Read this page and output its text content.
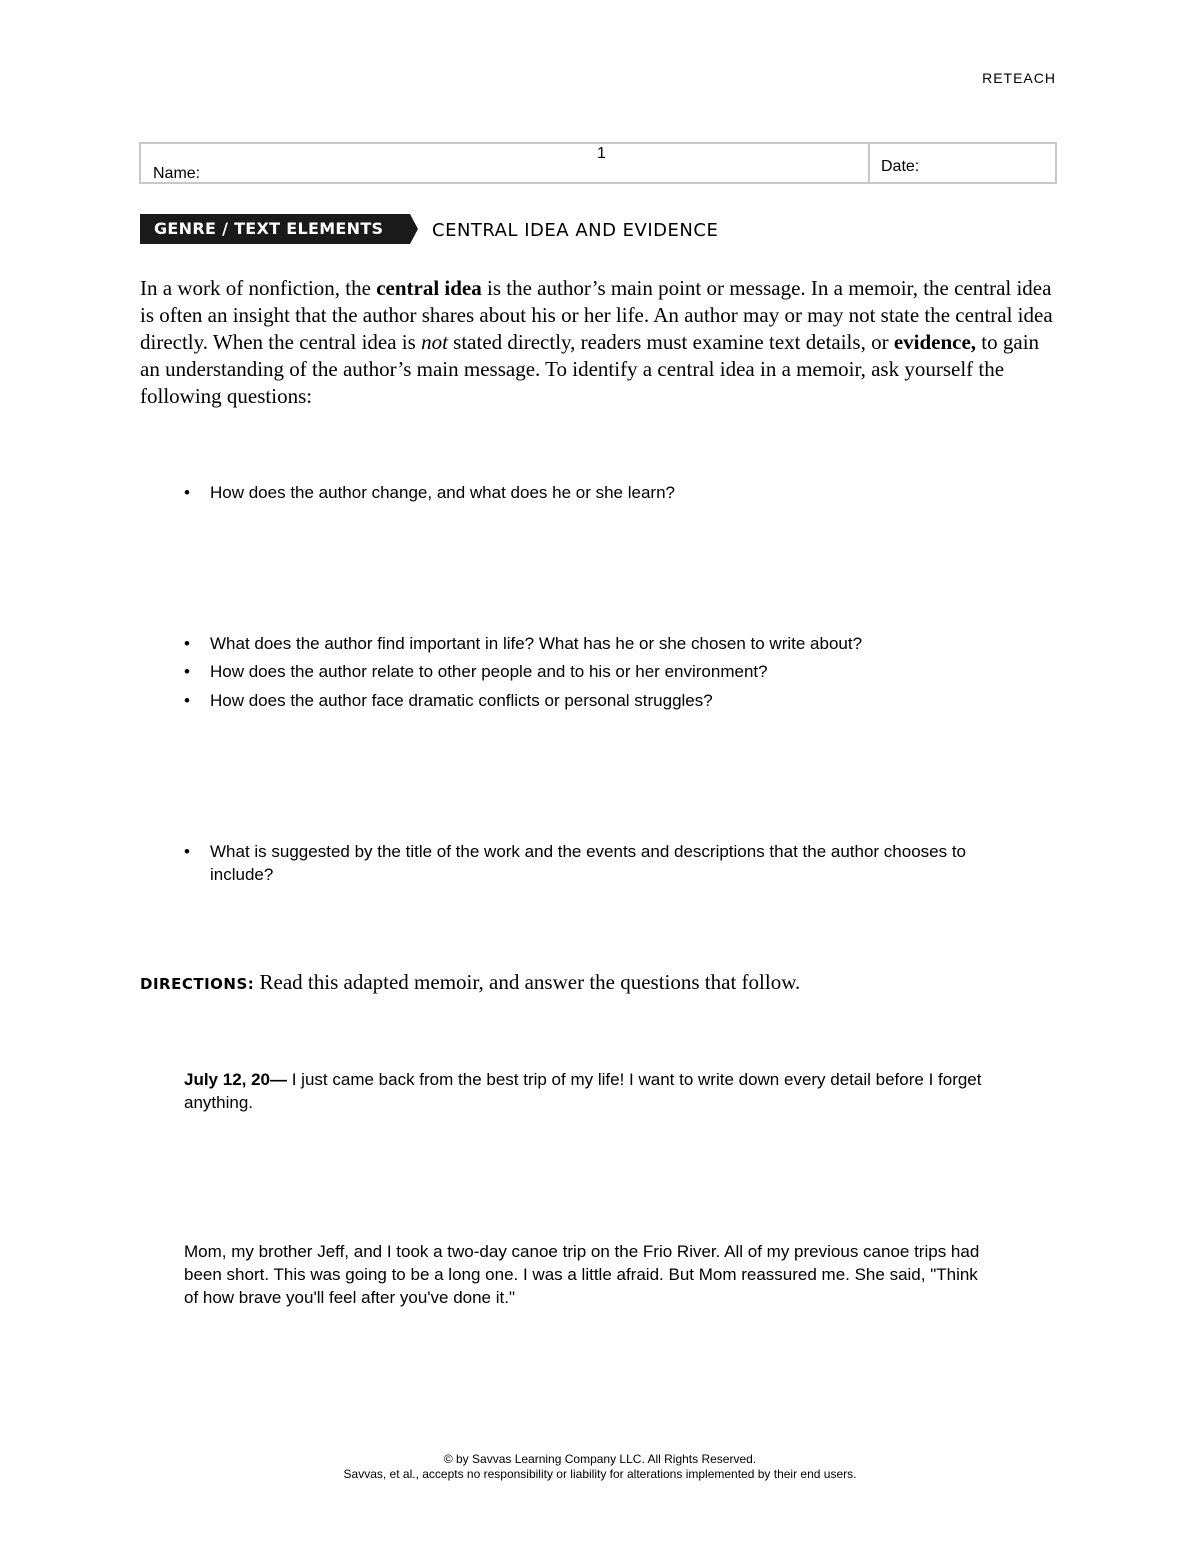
RETEACH
Name:
1
Date:
GENRE / TEXT ELEMENTS	CENTRAL IDEA AND EVIDENCE
In a work of nonfiction, the central idea is the author’s main point or message. In a memoir, the central idea is often an insight that the author shares about his or her life. An author may or may not state the central idea directly. When the central idea is not stated directly, readers must examine text details, or evidence, to gain an understanding of the author’s main message. To identify a central idea in a memoir, ask yourself the following questions:
•	How does the author change, and what does he or she learn?
•	What does the author find important in life? What has he or she chosen to write about?
•	How does the author relate to other people and to his or her environment?
•	How does the author face dramatic conflicts or personal struggles?
•	What is suggested by the title of the work and the events and descriptions that the author chooses to include?
DIRECTIONS: Read this adapted memoir, and answer the questions that follow.
July 12, 20— I just came back from the best trip of my life! I want to write down every detail before I forget anything.
Mom, my brother Jeff, and I took a two-day canoe trip on the Frio River. All of my previous canoe trips had been short. This was going to be a long one. I was a little afraid. But Mom reassured me. She said, "Think of how brave you'll feel after you've done it."
© by Savvas Learning Company LLC. All Rights Reserved.
Savvas, et al., accepts no responsibility or liability for alterations implemented by their end users.
